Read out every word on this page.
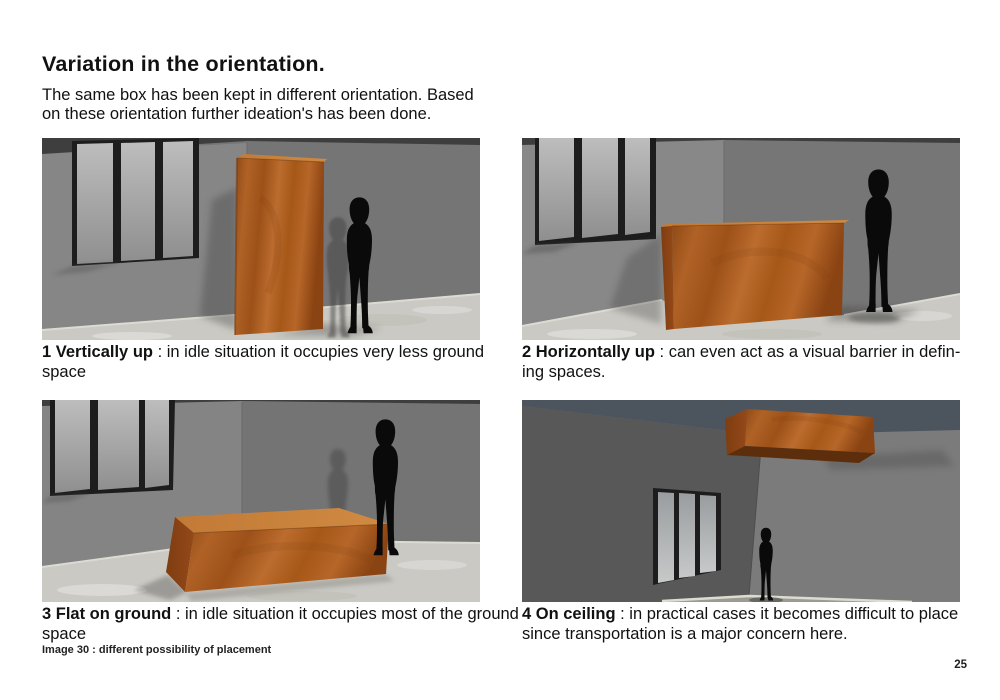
Variation in the orientation.

The same box has been kept in different orientation. Based on these orientation further ideation's has been done.

1 Vertically up : in idle situation it occupies very less ground space

2 Horizontally up : can even act as a visual barrier in defining spaces.

3 Flat on ground : in idle situation it occupies most of the ground space

4 On ceiling : in practical cases it becomes difficult to place since transportation is a major concern here.

Image 30 : different possibility of placement

25
